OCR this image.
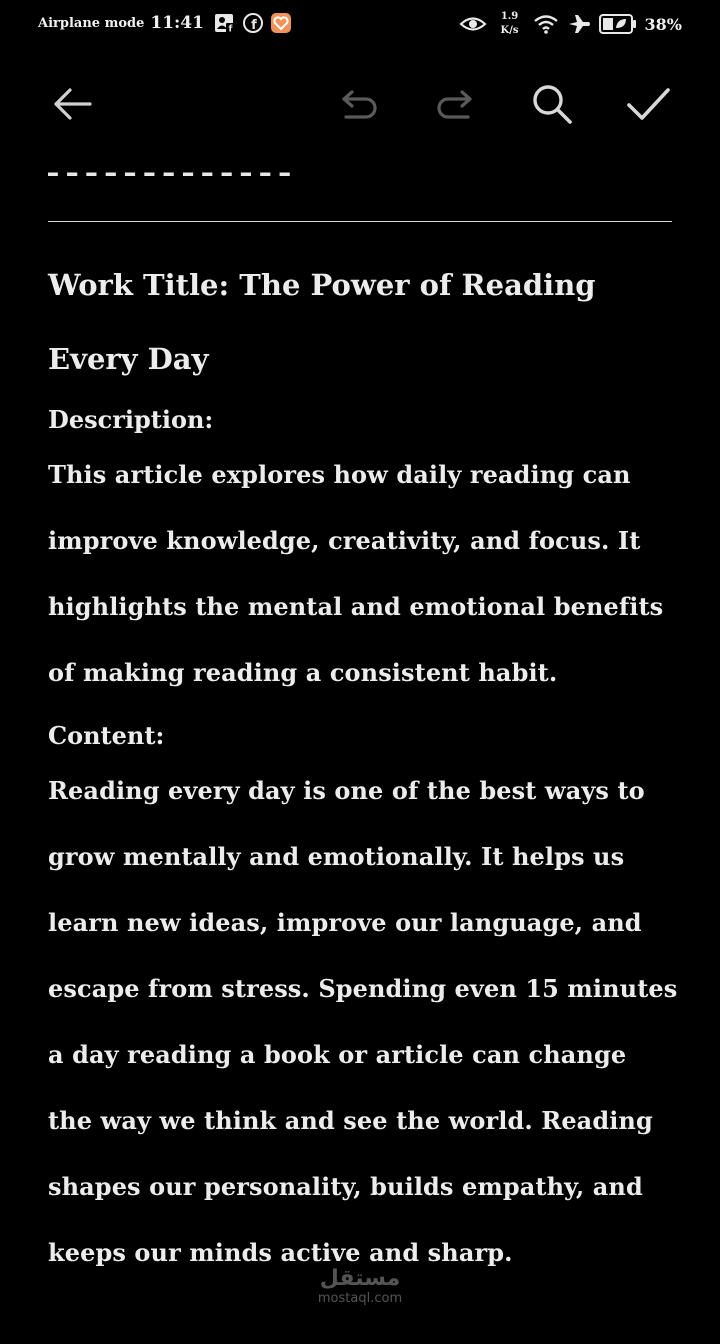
Airplane mode 11:41	f f
1.9
K/s	38%
ـ ـ ـ ـ ـ ـ ـ ـ ـ ـ ـ ـ ـ
Work Title: The Power of Reading Every Day
Description:
This article explores how daily reading can improve knowledge, creativity, and focus. It highlights the mental and emotional benefits of making reading a consistent habit.
Content:
Reading every day is one of the best ways to grow mentally and emotionally. It helps us learn new ideas, improve our language, and escape from stress. Spending even 15 minutes a day reading a book or article can change the way we think and see the world. Reading shapes our personality, builds empathy, and keeps our minds active and sharp.
مستقل
mostaql.com
